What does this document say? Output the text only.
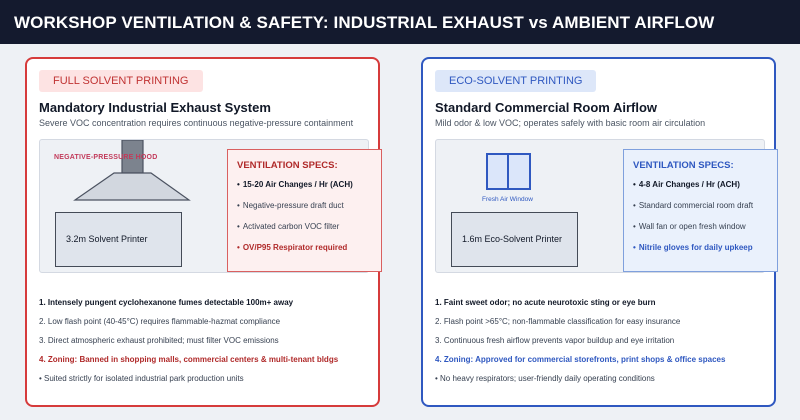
WORKSHOP VENTILATION & SAFETY: INDUSTRIAL EXHAUST vs AMBIENT AIRFLOW
FULL SOLVENT PRINTING
Mandatory Industrial Exhaust System
Severe VOC concentration requires continuous negative-pressure containment
NEGATIVE-PRESSURE HOOD
3.2m Solvent Printer
VENTILATION SPECS:
• 15-20 Air Changes / Hr (ACH)
• Negative-pressure draft duct
• Activated carbon VOC filter
• OV/P95 Respirator required
1. Intensely pungent cyclohexanone fumes detectable 100m+ away
2. Low flash point (40-45°C) requires flammable-hazmat compliance
3. Direct atmospheric exhaust prohibited; must filter VOC emissions
4. Zoning: Banned in shopping malls, commercial centers & multi-tenant bldgs
• Suited strictly for isolated industrial park production units
ECO-SOLVENT PRINTING
Standard Commercial Room Airflow
Mild odor & low VOC; operates safely with basic room air circulation
Fresh Air Window
1.6m Eco-Solvent Printer
VENTILATION SPECS:
• 4-8 Air Changes / Hr (ACH)
• Standard commercial room draft
• Wall fan or open fresh window
• Nitrile gloves for daily upkeep
1. Faint sweet odor; no acute neurotoxic sting or eye burn
2. Flash point >65°C; non-flammable classification for easy insurance
3. Continuous fresh airflow prevents vapor buildup and eye irritation
4. Zoning: Approved for commercial storefronts, print shops & office spaces
• No heavy respirators; user-friendly daily operating conditions
